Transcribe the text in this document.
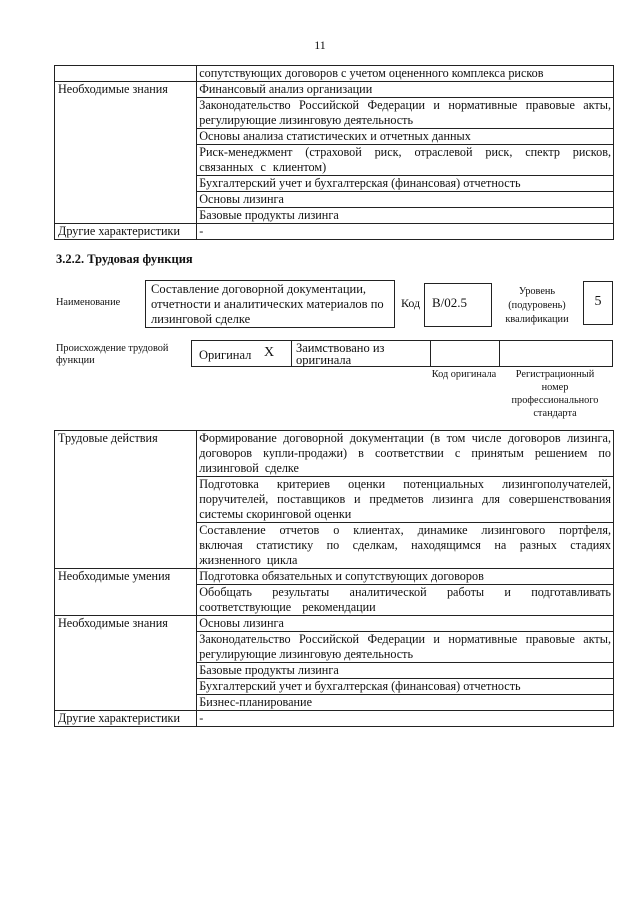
11
	сопутствующих договоров с учетом оцененного комплекса рисков
Необходимые знания	Финансовый анализ организации
	Законодательство Российской Федерации и нормативные правовые акты, регулирующие лизинговую деятельность
	Основы анализа статистических и отчетных данных
	Риск-менеджмент (страховой риск, отраслевой риск, спектр рисков, связанных с клиентом)
	Бухгалтерский учет и бухгалтерская (финансовая) отчетность
	Основы лизинга
	Базовые продукты лизинга
Другие характеристики	-
3.2.2. Трудовая функция
Наименование
Составление договорной документации, отчетности и аналитических материалов по лизинговой сделке
Код B/02.5
Уровень (подуровень) квалификации
5
Происхождение трудовой функции	Оригинал X Заимствовано из оригинала
Код оригинала	Регистрационный номер профессионального стандарта
Трудовые действия	Формирование договорной документации (в том числе договоров лизинга, договоров купли-продажи) в соответствии с принятым решением по лизинговой сделке
	Подготовка критериев оценки потенциальных лизингополучателей, поручителей, поставщиков и предметов лизинга для совершенствования системы скоринговой оценки
	Составление отчетов о клиентах, динамике лизингового портфеля, включая статистику по сделкам, находящимся на разных стадиях жизненного цикла
Необходимые умения	Подготовка обязательных и сопутствующих договоров
	Обобщать результаты аналитической работы и подготавливать соответствующие рекомендации
Необходимые знания	Основы лизинга
	Законодательство Российской Федерации и нормативные правовые акты, регулирующие лизинговую деятельность
	Базовые продукты лизинга
	Бухгалтерский учет и бухгалтерская (финансовая) отчетность
	Бизнес-планирование
Другие характеристики	-
